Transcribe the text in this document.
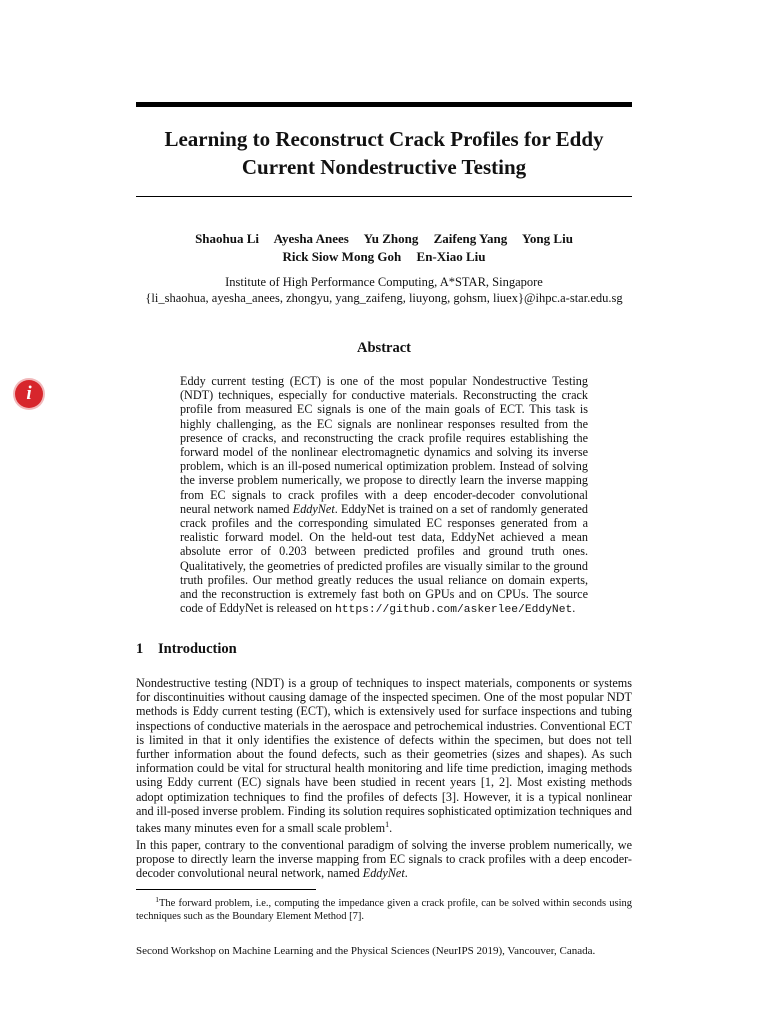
Learning to Reconstruct Crack Profiles for Eddy Current Nondestructive Testing
Shaohua Li Ayesha Anees Yu Zhong Zaifeng Yang Yong Liu
Rick Siow Mong Goh En-Xiao Liu
Institute of High Performance Computing, A*STAR, Singapore
{li_shaohua, ayesha_anees, zhongyu, yang_zaifeng, liuyong, gohsm, liuex}@ihpc.a-star.edu.sg
Abstract
Eddy current testing (ECT) is one of the most popular Nondestructive Testing (NDT) techniques, especially for conductive materials. Reconstructing the crack profile from measured EC signals is one of the main goals of ECT. This task is highly challenging, as the EC signals are nonlinear responses resulted from the presence of cracks, and reconstructing the crack profile requires establishing the forward model of the nonlinear electromagnetic dynamics and solving its inverse problem, which is an ill-posed numerical optimization problem. Instead of solving the inverse problem numerically, we propose to directly learn the inverse mapping from EC signals to crack profiles with a deep encoder-decoder convolutional neural network named EddyNet. EddyNet is trained on a set of randomly generated crack profiles and the corresponding simulated EC responses generated from a realistic forward model. On the held-out test data, EddyNet achieved a mean absolute error of 0.203 between predicted profiles and ground truth ones. Qualitatively, the geometries of predicted profiles are visually similar to the ground truth profiles. Our method greatly reduces the usual reliance on domain experts, and the reconstruction is extremely fast both on GPUs and on CPUs. The source code of EddyNet is released on https://github.com/askerlee/EddyNet.
1 Introduction
Nondestructive testing (NDT) is a group of techniques to inspect materials, components or systems for discontinuities without causing damage of the inspected specimen. One of the most popular NDT methods is Eddy current testing (ECT), which is extensively used for surface inspections and tubing inspections of conductive materials in the aerospace and petrochemical industries. Conventional ECT is limited in that it only identifies the existence of defects within the specimen, but does not tell further information about the found defects, such as their geometries (sizes and shapes). As such information could be vital for structural health monitoring and life time prediction, imaging methods using Eddy current (EC) signals have been studied in recent years [1, 2]. Most existing methods adopt optimization techniques to find the profiles of defects [3]. However, it is a typical nonlinear and ill-posed inverse problem. Finding its solution requires sophisticated optimization techniques and takes many minutes even for a small scale problem$^1$.
In this paper, contrary to the conventional paradigm of solving the inverse problem numerically, we propose to directly learn the inverse mapping from EC signals to crack profiles with a deep encoder-decoder convolutional neural network, named EddyNet.
$^1$The forward problem, i.e., computing the impedance given a crack profile, can be solved within seconds using techniques such as the Boundary Element Method [7].
Second Workshop on Machine Learning and the Physical Sciences (NeurIPS 2019), Vancouver, Canada.
i
